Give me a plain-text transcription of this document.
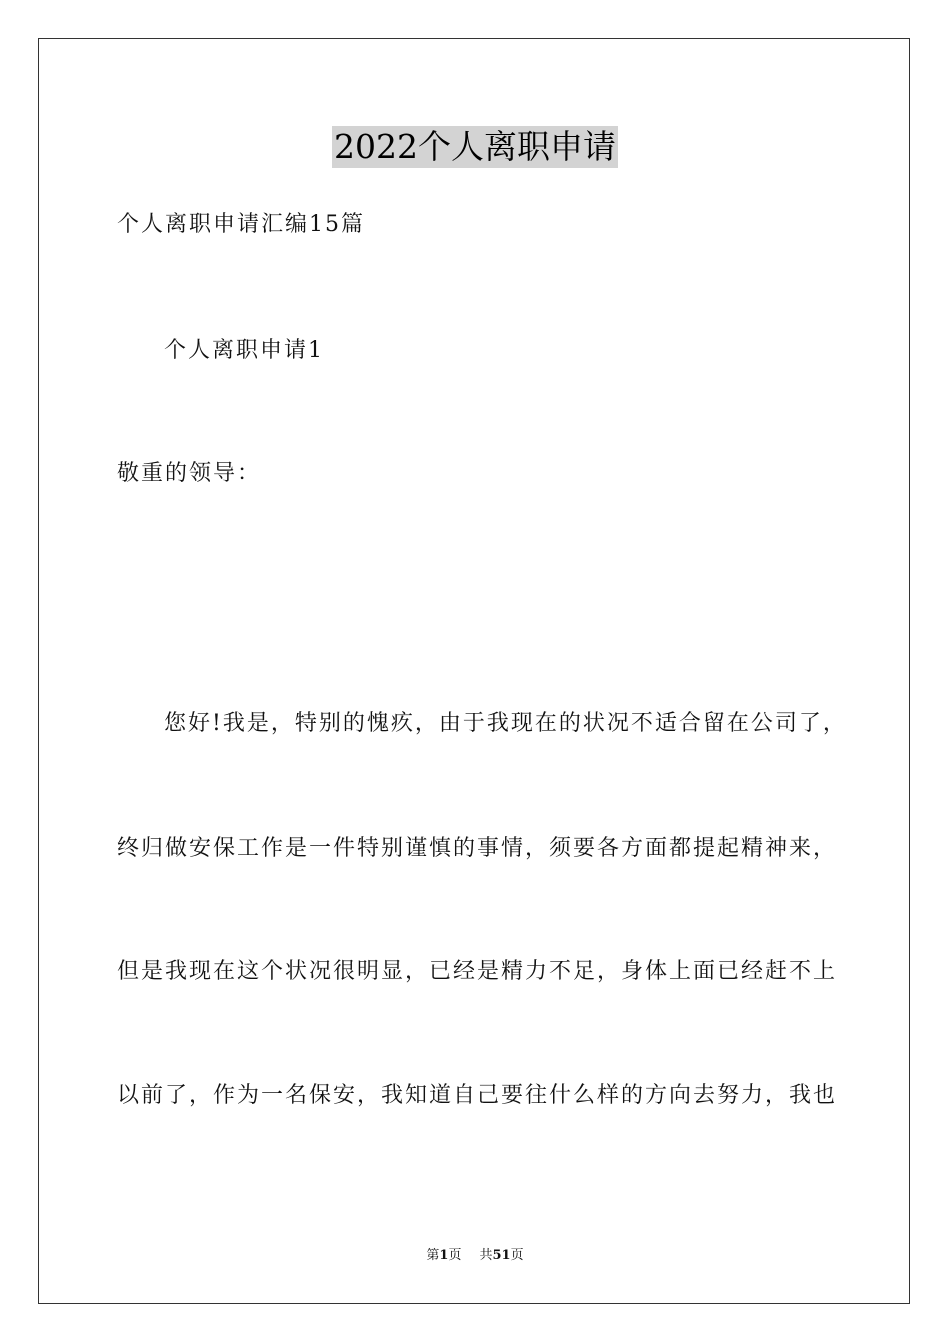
2022个人离职申请
个人离职申请汇编15篇
个人离职申请1
敬重的领导：
您好!我是，特别的愧疚，由于我现在的状况不适合留在公司了，
终归做安保工作是一件特别谨慎的事情，须要各方面都提起精神来，
但是我现在这个状况很明显，已经是精力不足，身体上面已经赶不上
以前了，作为一名保安，我知道自己要往什么样的方向去努力，我也
第1页 共51页
